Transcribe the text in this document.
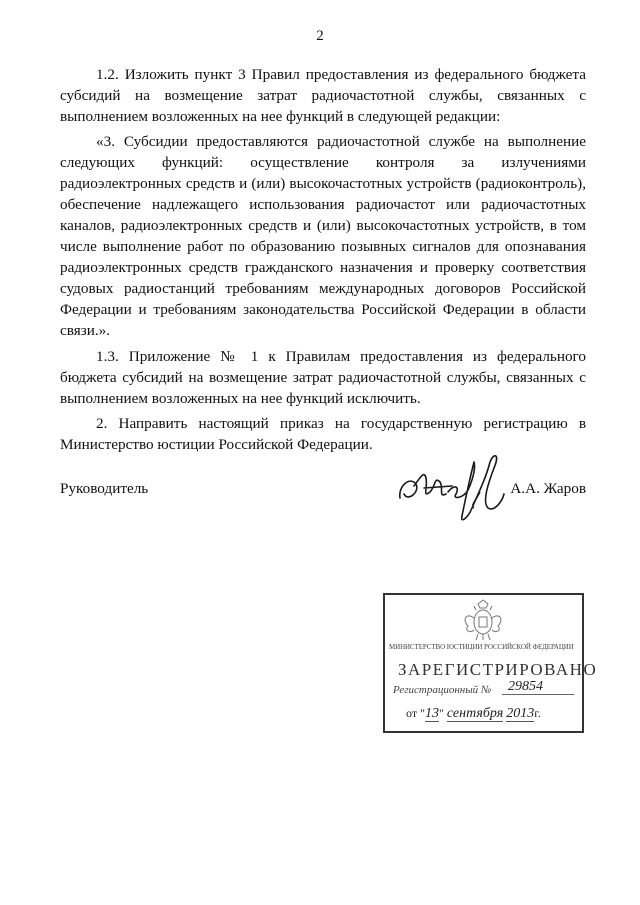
2

1.2. Изложить пункт 3 Правил предоставления из федерального бюджета субсидий на возмещение затрат радиочастотной службы, связанных с выполнением возложенных на нее функций в следующей редакции:

«3. Субсидии предоставляются радиочастотной службе на выполнение следующих функций: осуществление контроля за излучениями радиоэлектронных средств и (или) высокочастотных устройств (радиоконтроль), обеспечение надлежащего использования радиочастот или радиочастотных каналов, радиоэлектронных средств и (или) высокочастотных устройств, в том числе выполнение работ по образованию позывных сигналов для опознавания радиоэлектронных средств гражданского назначения и проверку соответствия судовых радиостанций требованиям международных договоров Российской Федерации и требованиям законодательства Российской Федерации в области связи.».

1.3. Приложение № 1 к Правилам предоставления из федерального бюджета субсидий на возмещение затрат радиочастотной службы, связанных с выполнением возложенных на нее функций исключить.

2. Направить настоящий приказ на государственную регистрацию в Министерство юстиции Российской Федерации.

Руководитель	А.А. Жаров
МИНИСТЕРСТВО ЮСТИЦИИ РОССИЙСКОЙ ФЕДЕРАЦИИ
ЗАРЕГИСТРИРОВАНО
Регистрационный № 29854
от "13" сентября 2013г.
